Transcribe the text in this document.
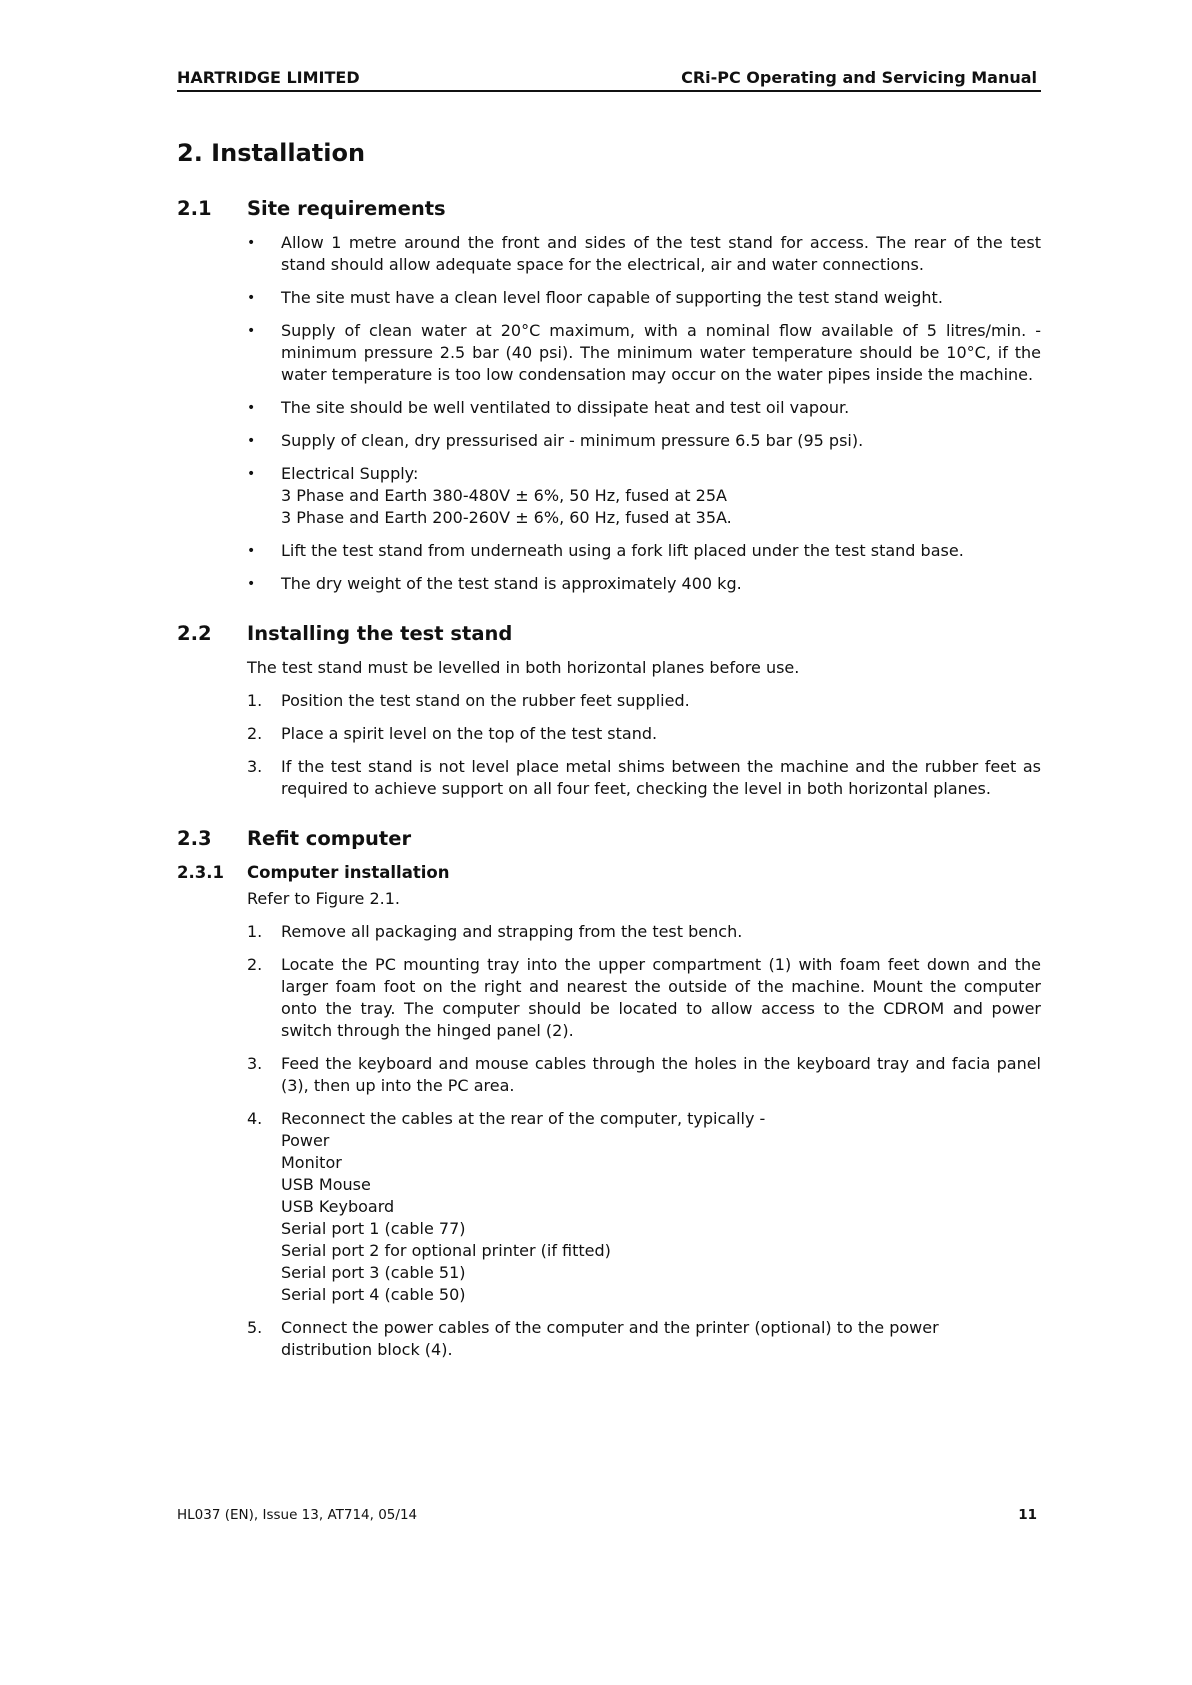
HARTRIDGE LIMITED	CRi-PC Operating and Servicing Manual
2. Installation
2.1	Site requirements
•	Allow 1 metre around the front and sides of the test stand for access. The rear of the test stand should allow adequate space for the electrical, air and water connections.
•	The site must have a clean level floor capable of supporting the test stand weight.
•	Supply of clean water at 20°C maximum, with a nominal flow available of 5 litres/min. - minimum pressure 2.5 bar (40 psi). The minimum water temperature should be 10°C, if the water temperature is too low condensation may occur on the water pipes inside the machine.
•	The site should be well ventilated to dissipate heat and test oil vapour.
•	Supply of clean, dry pressurised air - minimum pressure 6.5 bar (95 psi).
•	Electrical Supply:
3 Phase and Earth 380-480V ± 6%, 50 Hz, fused at 25A
3 Phase and Earth 200-260V ± 6%, 60 Hz, fused at 35A.
•	Lift the test stand from underneath using a fork lift placed under the test stand base.
•	The dry weight of the test stand is approximately 400 kg.
2.2	Installing the test stand

The test stand must be levelled in both horizontal planes before use.

1.	Position the test stand on the rubber feet supplied.
2.	Place a spirit level on the top of the test stand.
3.	If the test stand is not level place metal shims between the machine and the rubber feet as required to achieve support on all four feet, checking the level in both horizontal planes.
2.3	Refit computer
2.3.1	Computer installation

Refer to Figure 2.1.

1.	Remove all packaging and strapping from the test bench.
2.	Locate the PC mounting tray into the upper compartment (1) with foam feet down and the larger foam foot on the right and nearest the outside of the machine. Mount the computer onto the tray. The computer should be located to allow access to the CDROM and power switch through the hinged panel (2).
3.	Feed the keyboard and mouse cables through the holes in the keyboard tray and facia panel (3), then up into the PC area.
4.	Reconnect the cables at the rear of the computer, typically -
Power
Monitor
USB Mouse
USB Keyboard
Serial port 1 (cable 77)
Serial port 2 for optional printer (if fitted)
Serial port 3 (cable 51)
Serial port 4 (cable 50)
5.	Connect the power cables of the computer and the printer (optional) to the power
distribution block (4).
HL037 (EN), Issue 13, AT714, 05/14	11
